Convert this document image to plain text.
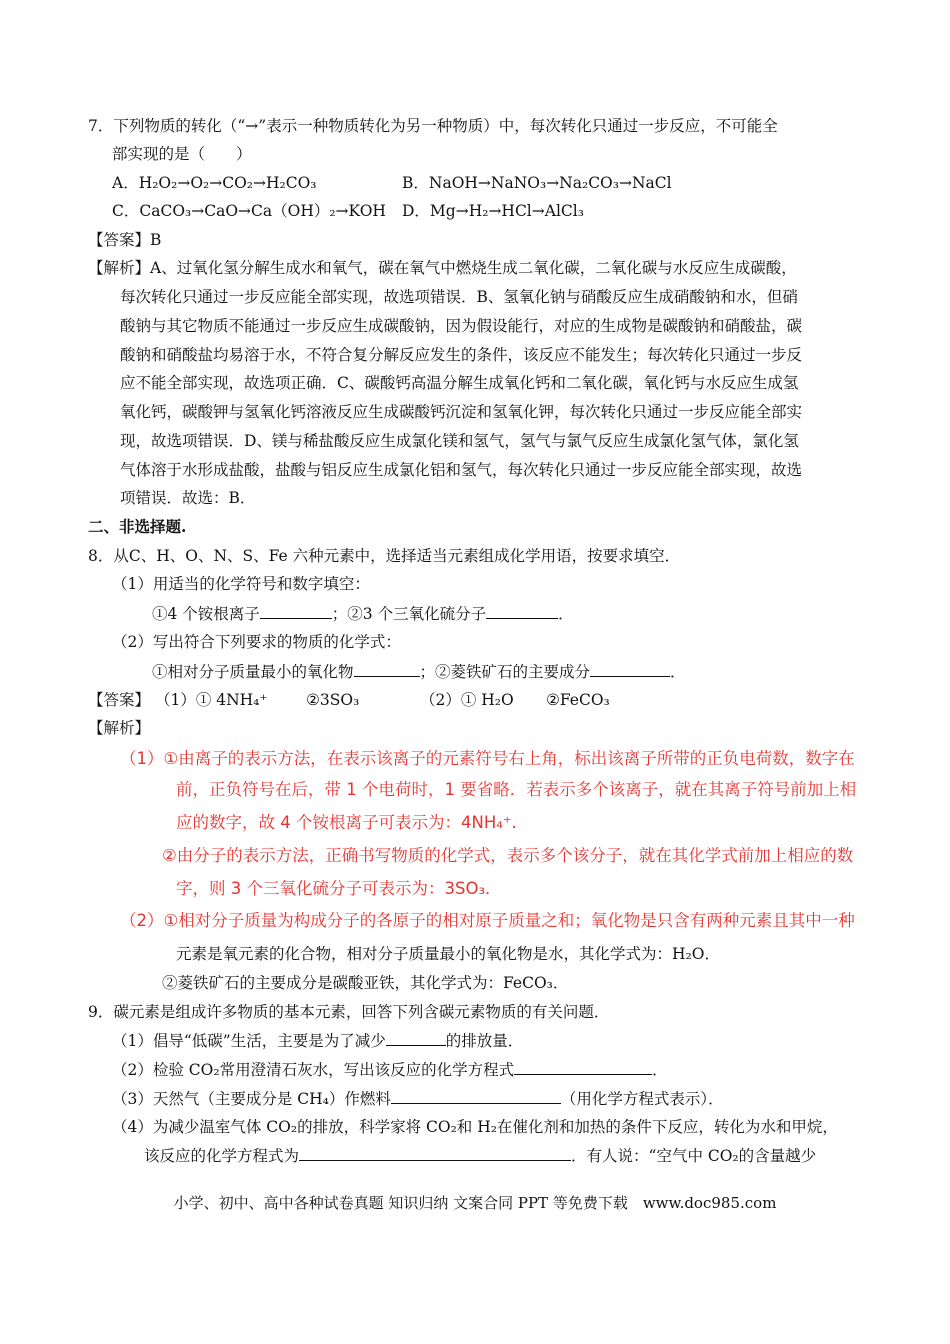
7．下列物质的转化（“→”表示一种物质转化为另一种物质）中，每次转化只通过一步反应，不可能全
部实现的是（　　）
A．H₂O₂→O₂→CO₂→H₂CO₃	B．NaOH→NaNO₃→Na₂CO₃→NaCl
C．CaCO₃→CaO→Ca（OH）₂→KOH D．Mg→H₂→HCl→AlCl₃
【答案】B
【解析】A、过氧化氢分解生成水和氧气，碳在氧气中燃烧生成二氧化碳，二氧化碳与水反应生成碳酸，
每次转化只通过一步反应能全部实现，故选项错误．B、氢氧化钠与硝酸反应生成硝酸钠和水，但硝
酸钠与其它物质不能通过一步反应生成碳酸钠，因为假设能行，对应的生成物是碳酸钠和硝酸盐，碳
酸钠和硝酸盐均易溶于水，不符合复分解反应发生的条件，该反应不能发生；每次转化只通过一步反
应不能全部实现，故选项正确．C、碳酸钙高温分解生成氧化钙和二氧化碳，氧化钙与水反应生成氢
氧化钙，碳酸钾与氢氧化钙溶液反应生成碳酸钙沉淀和氢氧化钾，每次转化只通过一步反应能全部实
现，故选项错误．D、镁与稀盐酸反应生成氯化镁和氢气，氢气与氯气反应生成氯化氢气体，氯化氢
气体溶于水形成盐酸，盐酸与铝反应生成氯化铝和氢气，每次转化只通过一步反应能全部实现，故选
项错误．故选：B．
二、非选择题.
8．从C、H、O、N、S、Fe 六种元素中，选择适当元素组成化学用语，按要求填空．
（1）用适当的化学符号和数字填空：
①4 个铵根离子	；②3 个三氧化硫分子	．
（2）写出符合下列要求的物质的化学式：
①相对分子质量最小的氧化物	；②菱铁矿石的主要成分	．
【答案】 （1）① 4NH₄⁺ ②3SO₃	（2）① H₂O ②FeCO₃
【解析】
（1）①由离子的表示方法，在表示该离子的元素符号右上角，标出该离子所带的正负电荷数，数字在
前，正负符号在后，带 1 个电荷时，1 要省略．若表示多个该离子，就在其离子符号前加上相
应的数字，故 4 个铵根离子可表示为：4NH₄⁺.
②由分子的表示方法，正确书写物质的化学式，表示多个该分子，就在其化学式前加上相应的数
字，则 3 个三氧化硫分子可表示为：3SO₃．
（2）①相对分子质量为构成分子的各原子的相对原子质量之和；氧化物是只含有两种元素且其中一种
元素是氧元素的化合物，相对分子质量最小的氧化物是水，其化学式为：H₂O．
②菱铁矿石的主要成分是碳酸亚铁，其化学式为：FeCO₃．
9．碳元素是组成许多物质的基本元素，回答下列含碳元素物质的有关问题．
（1）倡导“低碳”生活，主要是为了减少	的排放量．
（2）检验 CO₂常用澄清石灰水，写出该反应的化学方程式	．
（3）天然气（主要成分是 CH₄）作燃料	（用化学方程式表示）．
（4）为减少温室气体 CO₂的排放，科学家将 CO₂和 H₂在催化剂和加热的条件下反应，转化为水和甲烷，
该反应的化学方程式为	．有人说：“空气中 CO₂的含量越少
小学、初中、高中各种试卷真题 知识归纳 文案合同 PPT 等免费下载　www.doc985.com
